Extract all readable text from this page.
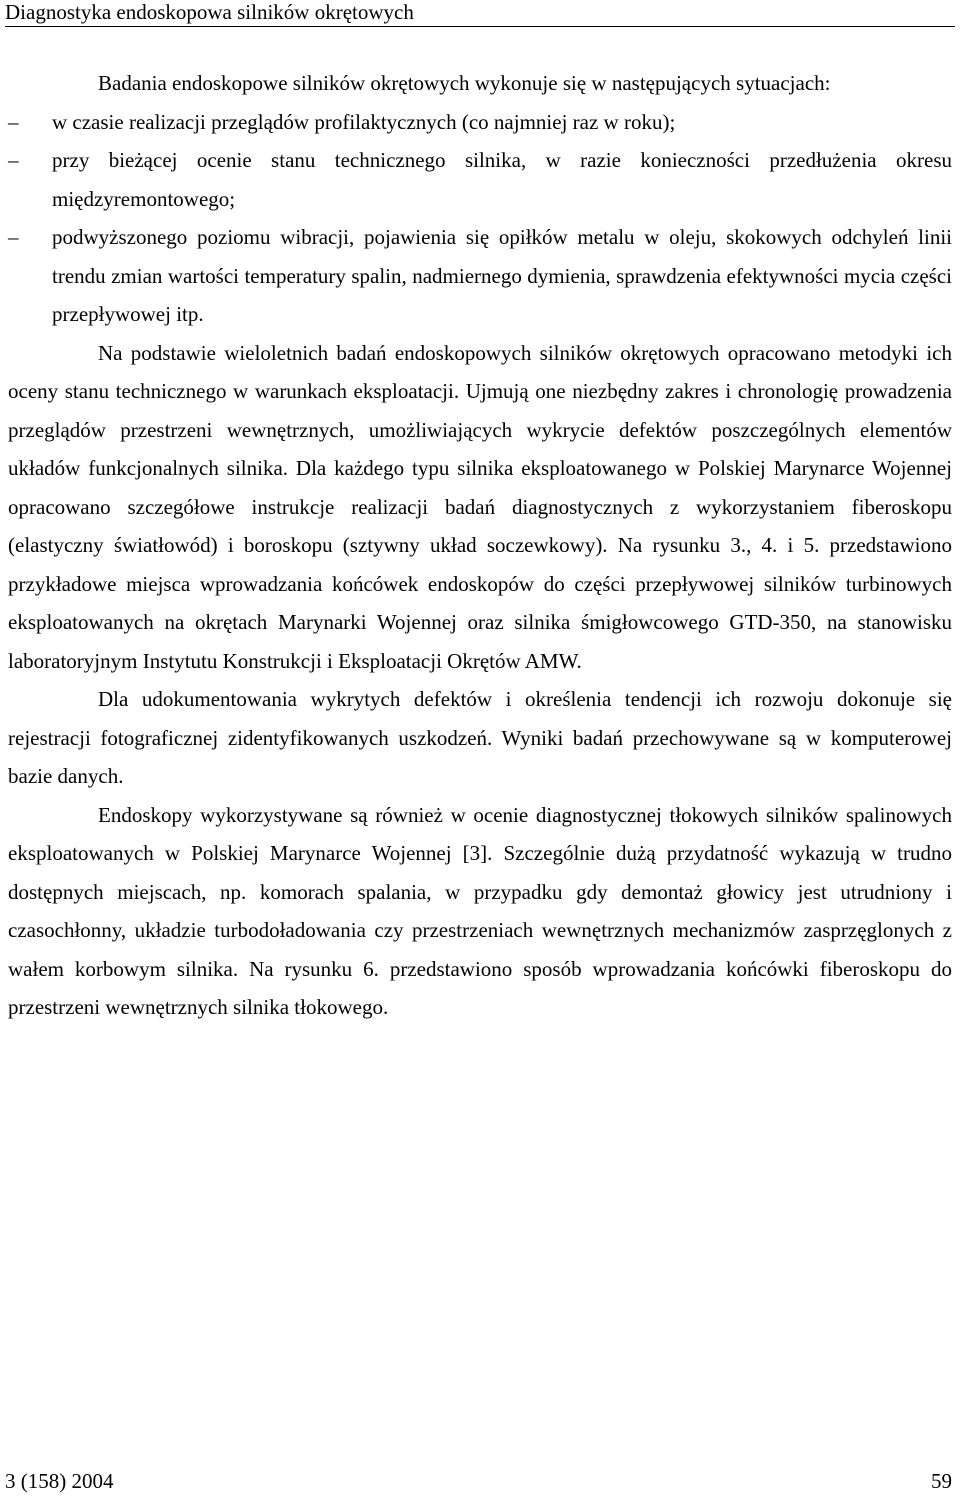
Diagnostyka endoskopowa silników okrętowych

Badania endoskopowe silników okrętowych wykonuje się w następujących sytuacjach:

– w czasie realizacji przeglądów profilaktycznych (co najmniej raz w roku);
– przy bieżącej ocenie stanu technicznego silnika, w razie konieczności przedłużenia okresu międzyremontowego;
– podwyższonego poziomu wibracji, pojawienia się opiłków metalu w oleju, skokowych odchyleń linii trendu zmian wartości temperatury spalin, nadmiernego dymienia, sprawdzenia efektywności mycia części przepływowej itp.

Na podstawie wieloletnich badań endoskopowych silników okrętowych opracowano metodyki ich oceny stanu technicznego w warunkach eksploatacji. Ujmują one niezbędny zakres i chronologię prowadzenia przeglądów przestrzeni wewnętrznych, umożliwiających wykrycie defektów poszczególnych elementów układów funkcjonalnych silnika. Dla każdego typu silnika eksploatowanego w Polskiej Marynarce Wojennej opracowano szczegółowe instrukcje realizacji badań diagnostycznych z wykorzystaniem fiberoskopu (elastyczny światłowód) i boroskopu (sztywny układ soczewkowy). Na rysunku 3., 4. i 5. przedstawiono przykładowe miejsca wprowadzania końcówek endoskopów do części przepływowej silników turbinowych eksploatowanych na okrętach Marynarki Wojennej oraz silnika śmigłowcowego GTD-350, na stanowisku laboratoryjnym Instytutu Konstrukcji i Eksploatacji Okrętów AMW.

Dla udokumentowania wykrytych defektów i określenia tendencji ich rozwoju dokonuje się rejestracji fotograficznej zidentyfikowanych uszkodzeń. Wyniki badań przechowywane są w komputerowej bazie danych.

Endoskopy wykorzystywane są również w ocenie diagnostycznej tłokowych silników spalinowych eksploatowanych w Polskiej Marynarce Wojennej [3]. Szczególnie dużą przydatność wykazują w trudno dostępnych miejscach, np. komorach spalania, w przypadku gdy demontaż głowicy jest utrudniony i czasochłonny, układzie turbodoładowania czy przestrzeniach wewnętrznych mechanizmów zasprzęglonych z wałem korbowym silnika. Na rysunku 6. przedstawiono sposób wprowadzania końcówki fiberoskopu do przestrzeni wewnętrznych silnika tłokowego.

3 (158) 2004	59
